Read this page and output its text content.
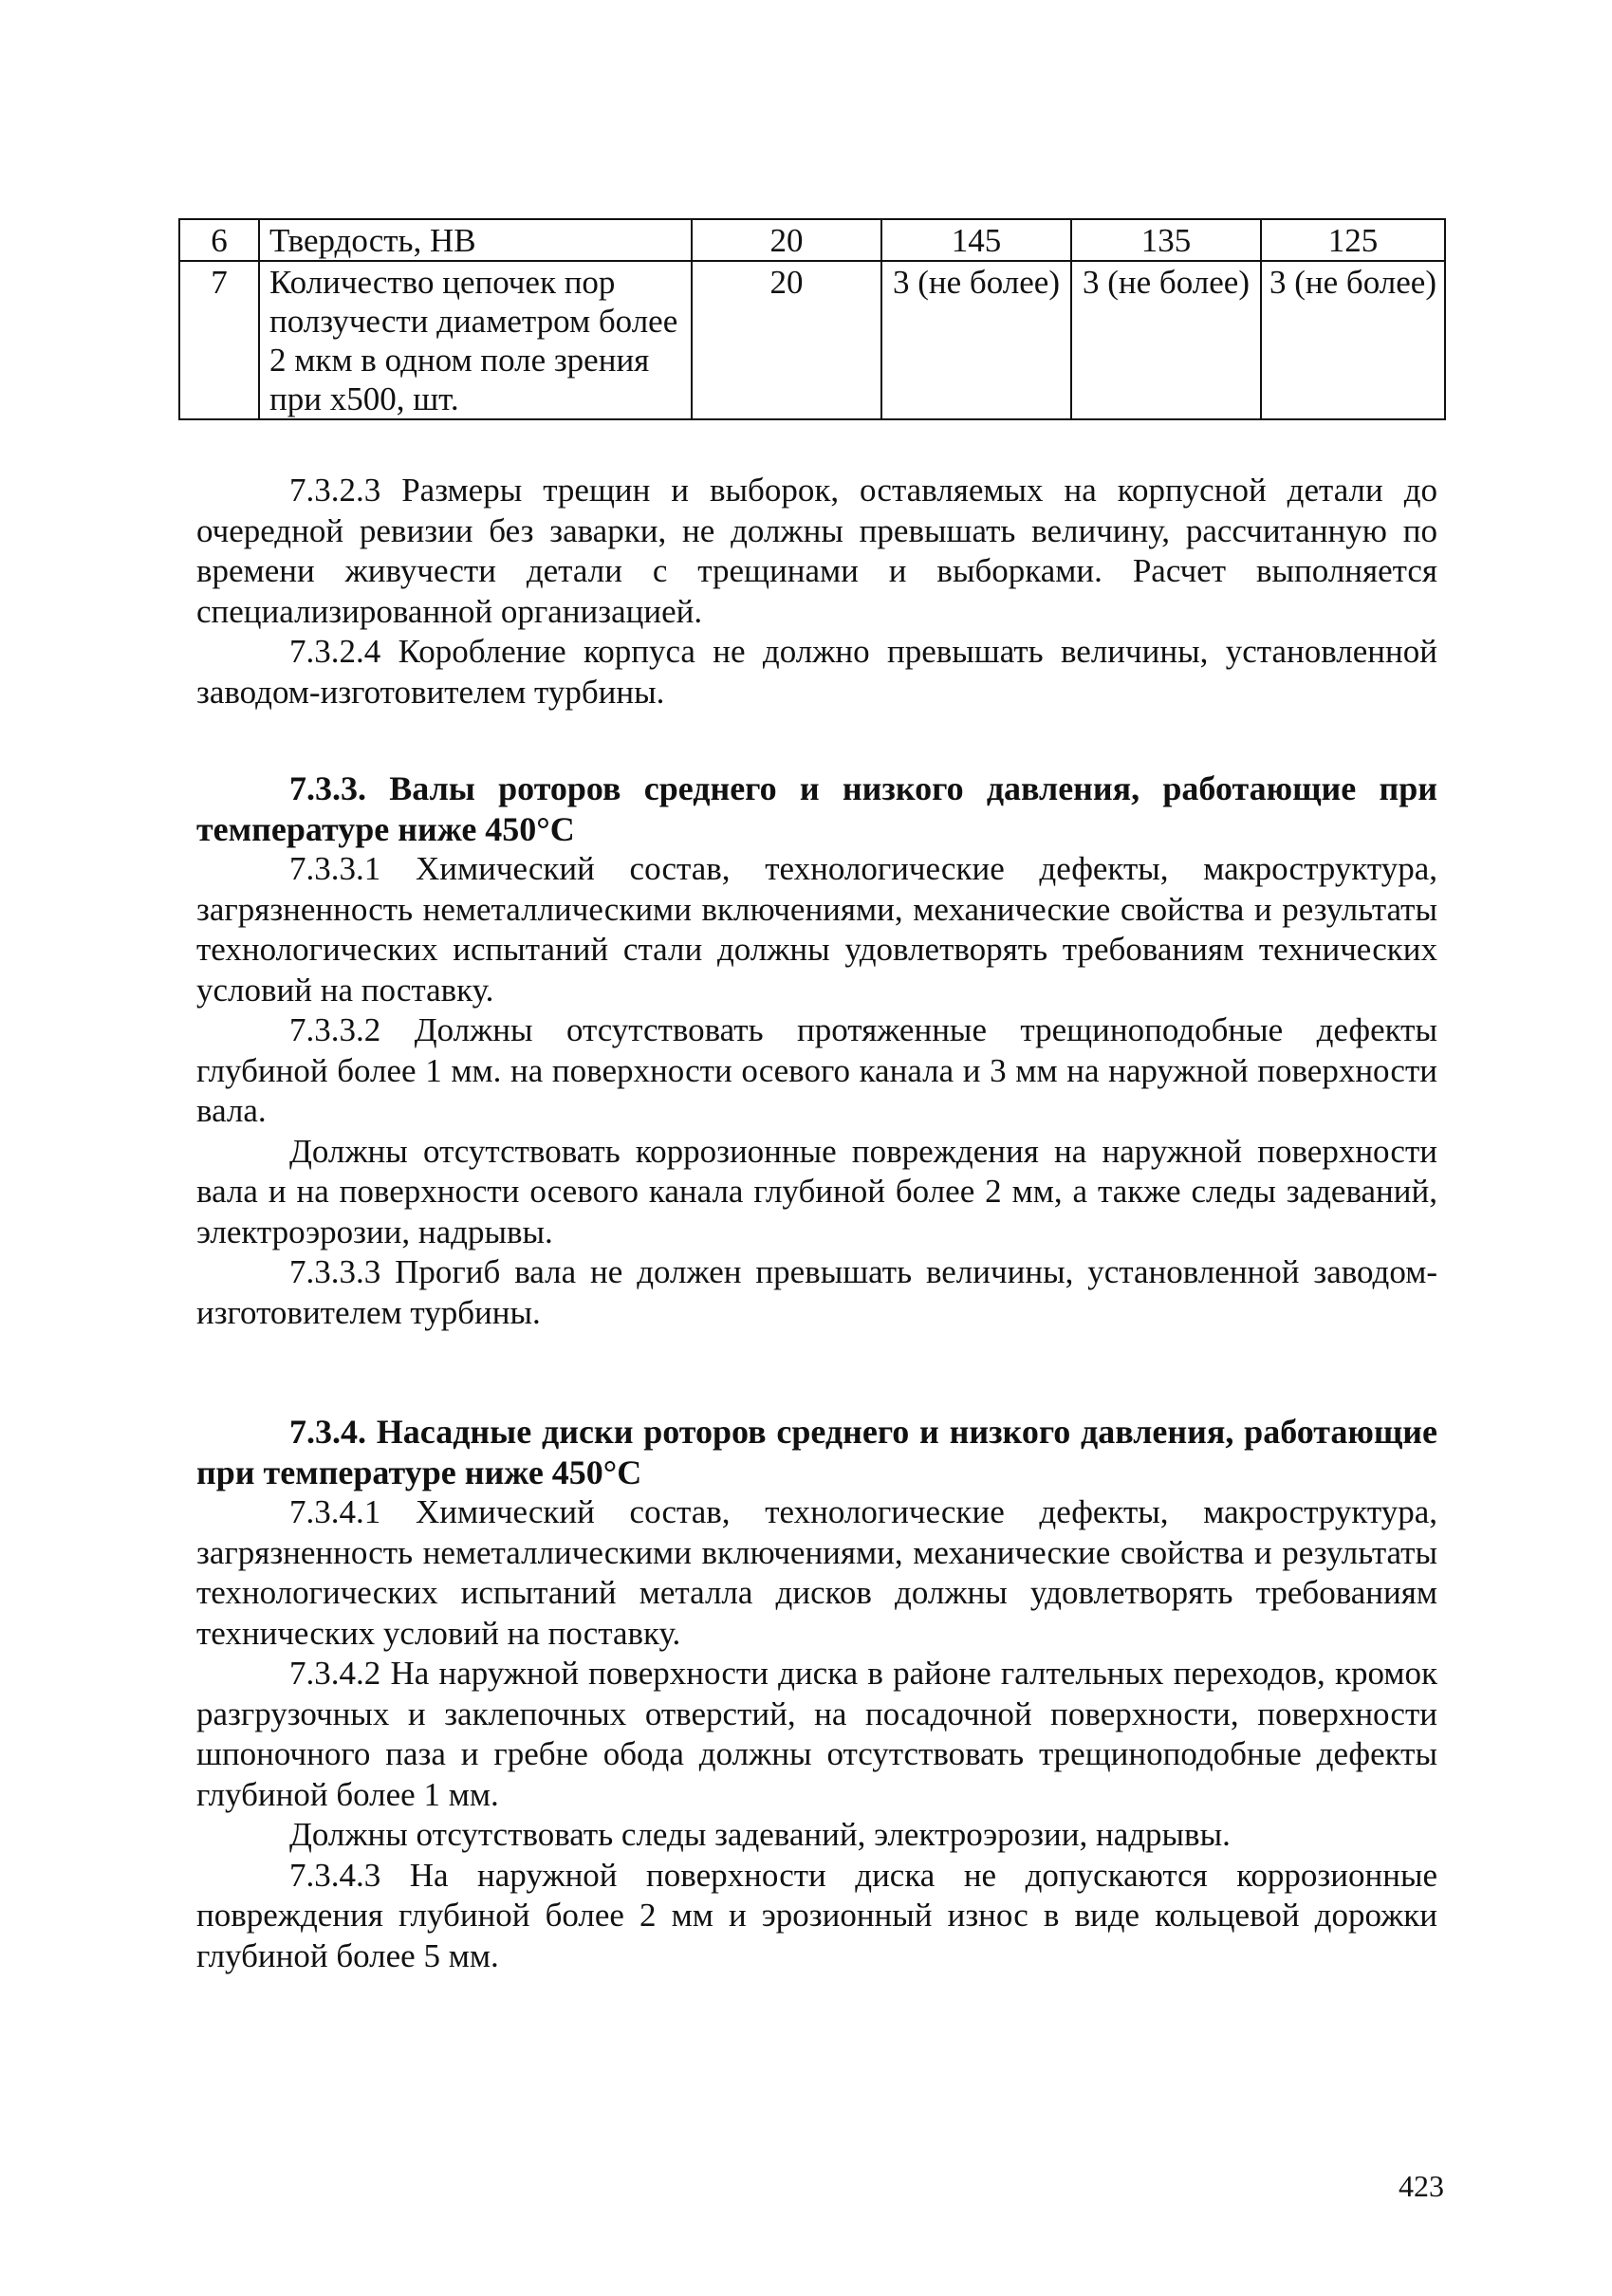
6	Твердость, НВ	20	145	135	125
7	Количество цепочек пор ползучести диаметром более 2 мкм в одном поле зрения при х500, шт.	20	3 (не более)	3 (не более)	3 (не более)

7.3.2.3 Размеры трещин и выборок, оставляемых на корпусной детали до очередной ревизии без заварки, не должны превышать величину, рассчитанную по времени живучести детали с трещинами и выборками. Расчет выполняется специализированной организацией.

7.3.2.4 Коробление корпуса не должно превышать величины, установленной заводом-изготовителем турбины.

7.3.3. Валы роторов среднего и низкого давления, работающие при температуре ниже 450°С

7.3.3.1 Химический состав, технологические дефекты, макроструктура, загрязненность неметаллическими включениями, механические свойства и результаты технологических испытаний стали должны удовлетворять требованиям технических условий на поставку.

7.3.3.2 Должны отсутствовать протяженные трещиноподобные дефекты глубиной более 1 мм. на поверхности осевого канала и 3 мм на наружной поверхности вала.

Должны отсутствовать коррозионные повреждения на наружной поверхности вала и на поверхности осевого канала глубиной более 2 мм, а также следы задеваний, электроэрозии, надрывы.

7.3.3.3 Прогиб вала не должен превышать величины, установленной заводом-изготовителем турбины.

7.3.4. Насадные диски роторов среднего и низкого давления, работающие при температуре ниже 450°С

7.3.4.1 Химический состав, технологические дефекты, макроструктура, загрязненность неметаллическими включениями, механические свойства и результаты технологических испытаний металла дисков должны удовлетворять требованиям технических условий на поставку.

7.3.4.2 На наружной поверхности диска в районе галтельных переходов, кромок разгрузочных и заклепочных отверстий, на посадочной поверхности, поверхности шпоночного паза и гребне обода должны отсутствовать трещиноподобные дефекты глубиной более 1 мм.

Должны отсутствовать следы задеваний, электроэрозии, надрывы.

7.3.4.3 На наружной поверхности диска не допускаются коррозионные повреждения глубиной более 2 мм и эрозионный износ в виде кольцевой дорожки глубиной более 5 мм.

423
